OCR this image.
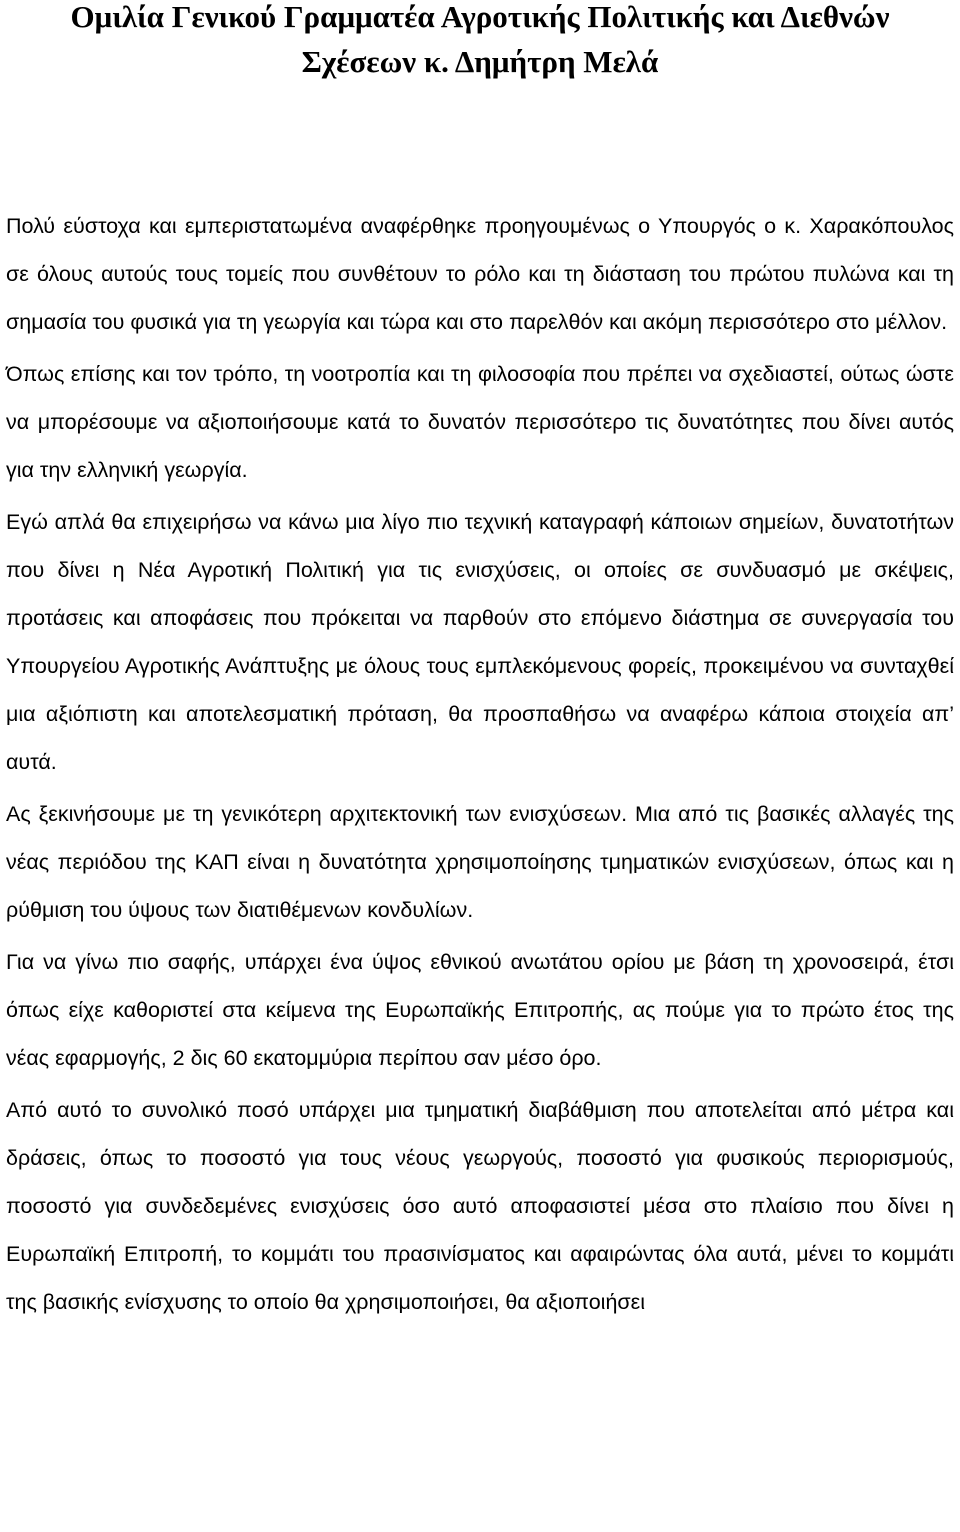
Ομιλία Γενικού Γραμματέα Αγροτικής Πολιτικής και Διεθνών Σχέσεων κ. Δημήτρη Μελά

Πολύ εύστοχα και εμπεριστατωμένα αναφέρθηκε προηγουμένως ο Υπουργός ο κ. Χαρακόπουλος σε όλους αυτούς τους τομείς που συνθέτουν το ρόλο και τη διάσταση του πρώτου πυλώνα και τη σημασία του φυσικά για τη γεωργία και τώρα και στο παρελθόν και ακόμη περισσότερο στο μέλλον.

Όπως επίσης και τον τρόπο, τη νοοτροπία και τη φιλοσοφία που πρέπει να σχεδιαστεί, ούτως ώστε να μπορέσουμε να αξιοποιήσουμε κατά το δυνατόν περισσότερο τις δυνατότητες που δίνει αυτός για την ελληνική γεωργία.

Εγώ απλά θα επιχειρήσω να κάνω μια λίγο πιο τεχνική καταγραφή κάποιων σημείων, δυνατοτήτων που δίνει η Νέα Αγροτική Πολιτική για τις ενισχύσεις, οι οποίες σε συνδυασμό με σκέψεις, προτάσεις και αποφάσεις που πρόκειται να παρθούν στο επόμενο διάστημα σε συνεργασία του Υπουργείου Αγροτικής Ανάπτυξης με όλους τους εμπλεκόμενους φορείς, προκειμένου να συνταχθεί μια αξιόπιστη και αποτελεσματική πρόταση, θα προσπαθήσω να αναφέρω κάποια στοιχεία απ’ αυτά.

Ας ξεκινήσουμε με τη γενικότερη αρχιτεκτονική των ενισχύσεων. Μια από τις βασικές αλλαγές της νέας περιόδου της ΚΑΠ είναι η δυνατότητα χρησιμοποίησης τμηματικών ενισχύσεων, όπως και η ρύθμιση του ύψους των διατιθέμενων κονδυλίων.

Για να γίνω πιο σαφής, υπάρχει ένα ύψος εθνικού ανωτάτου ορίου με βάση τη χρονοσειρά, έτσι όπως είχε καθοριστεί στα κείμενα της Ευρωπαϊκής Επιτροπής, ας πούμε για το πρώτο έτος της νέας εφαρμογής, 2 δις 60 εκατομμύρια περίπου σαν μέσο όρο.

Από αυτό το συνολικό ποσό υπάρχει μια τμηματική διαβάθμιση που αποτελείται από μέτρα και δράσεις, όπως το ποσοστό για τους νέους γεωργούς, ποσοστό για φυσικούς περιορισμούς, ποσοστό για συνδεδεμένες ενισχύσεις όσο αυτό αποφασιστεί μέσα στο πλαίσιο που δίνει η Ευρωπαϊκή Επιτροπή, το κομμάτι του πρασινίσματος και αφαιρώντας όλα αυτά, μένει το κομμάτι της βασικής ενίσχυσης το οποίο θα χρησιμοποιήσει, θα αξιοποιήσει
